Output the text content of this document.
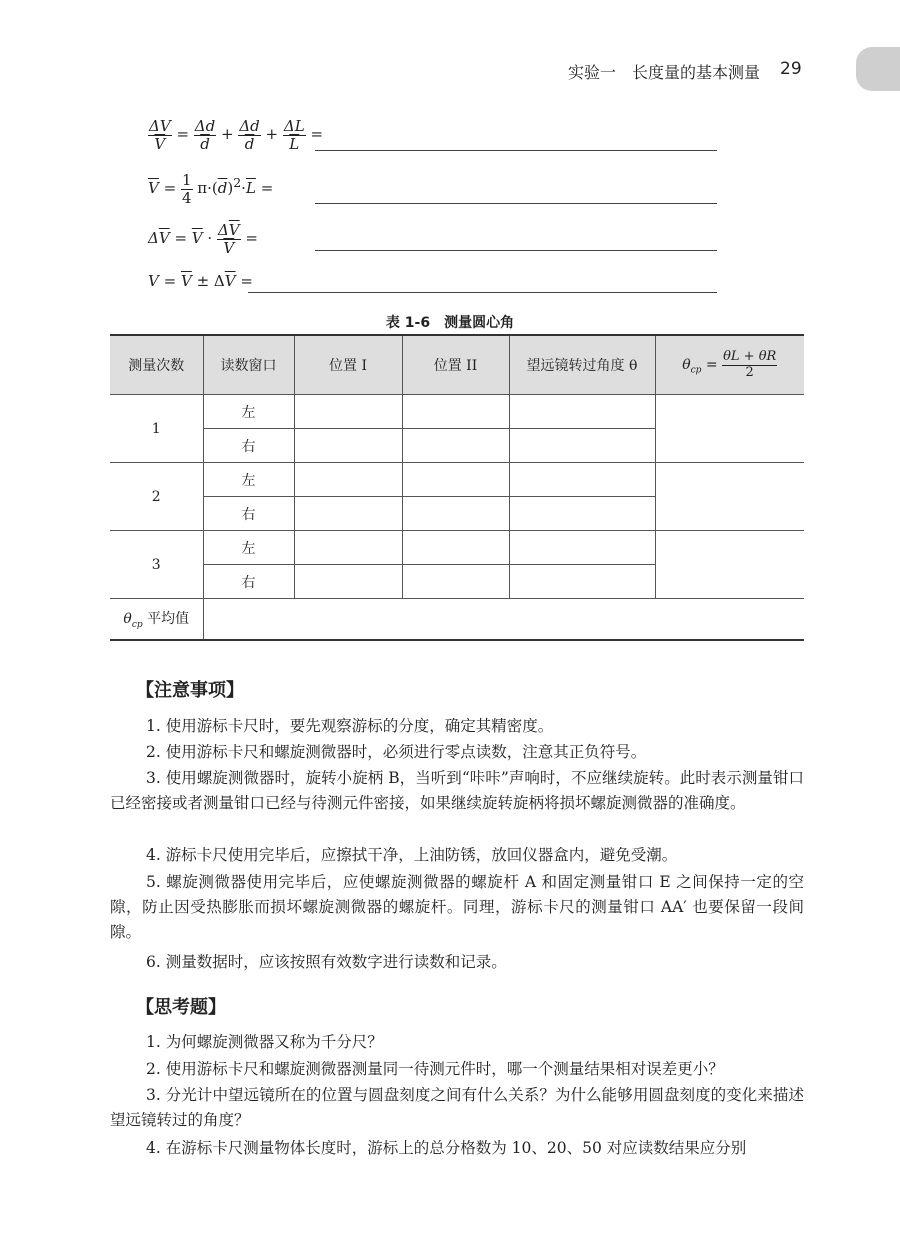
实验一　长度量的基本测量 29
$\frac{\Delta V}{V} = \frac{\Delta d}{d} + \frac{\Delta d}{d} + \frac{\Delta L}{L}$ =
$\overline{V} = \frac{1}{4} \pi\cdot(\overline{d})^2\cdot\overline{L}$ =
$\Delta\overline{V} = \overline{V} \cdot \frac{\Delta\overline{V}}{V}$ =
$V = \overline{V} \pm \Delta\overline{V}$ =
表 1-6　测量圆心角
测量次数	读数窗口	位置 I	位置 II	望远镜转过角度 θ	$\theta_{cp} = \frac{\theta L + \theta R}{2}$

1	左				
	右				
2	左				
	右				
3	左				
	右				
$\theta_{cp}$ 平均值					
【注意事项】
1. 使用游标卡尺时，要先观察游标的分度，确定其精密度。
2. 使用游标卡尺和螺旋测微器时，必须进行零点读数，注意其正负符号。
3. 使用螺旋测微器时，旋转小旋柄 B，当听到“咔咔”声响时，不应继续旋转。此时表示测量钳口已经密接或者测量钳口已经与待测元件密接，如果继续旋转旋柄将损坏螺旋测微器的准确度。
4. 游标卡尺使用完毕后，应擦拭干净，上油防锈，放回仪器盒内，避免受潮。
5. 螺旋测微器使用完毕后，应使螺旋测微器的螺旋杆 A 和固定测量钳口 E 之间保持一定的空隙，防止因受热膨胀而损坏螺旋测微器的螺旋杆。同理，游标卡尺的测量钳口 AA′ 也要保留一段间隙。
6. 测量数据时，应该按照有效数字进行读数和记录。
【思考题】
1. 为何螺旋测微器又称为千分尺？
2. 使用游标卡尺和螺旋测微器测量同一待测元件时，哪一个测量结果相对误差更小？
3. 分光计中望远镜所在的位置与圆盘刻度之间有什么关系？为什么能够用圆盘刻度的变化来描述望远镜转过的角度？
4. 在游标卡尺测量物体长度时，游标上的总分格数为 10、20、50 对应读数结果应分别
